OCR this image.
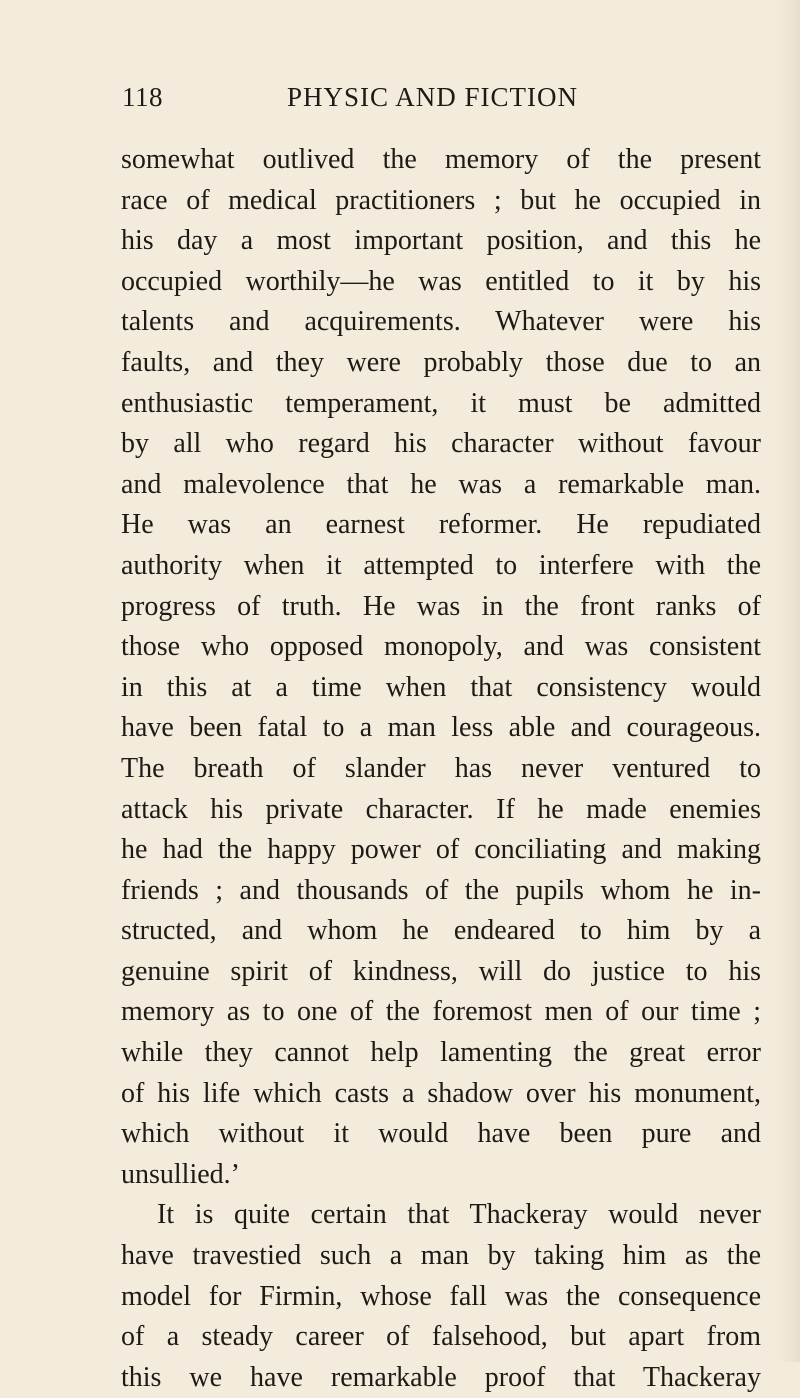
118	PHYSIC AND FICTION
somewhat outlived the memory of the present
race of medical practitioners ; but he occupied in
his day a most important position, and this he
occupied worthily—he was entitled to it by his
talents and acquirements. Whatever were his
faults, and they were probably those due to an
enthusiastic temperament, it must be admitted
by all who regard his character without favour
and malevolence that he was a remarkable man.
He was an earnest reformer. He repudiated
authority when it attempted to interfere with the
progress of truth. He was in the front ranks of
those who opposed monopoly, and was consistent
in this at a time when that consistency would
have been fatal to a man less able and courageous.
The breath of slander has never ventured to
attack his private character. If he made enemies
he had the happy power of conciliating and making
friends ; and thousands of the pupils whom he in-
structed, and whom he endeared to him by a
genuine spirit of kindness, will do justice to his
memory as to one of the foremost men of our time ;
while they cannot help lamenting the great error
of his life which casts a shadow over his monument,
which without it would have been pure and
unsullied.’
It is quite certain that Thackeray would never
have travestied such a man by taking him as the
model for Firmin, whose fall was the consequence
of a steady career of falsehood, but apart from
this we have remarkable proof that Thackeray
